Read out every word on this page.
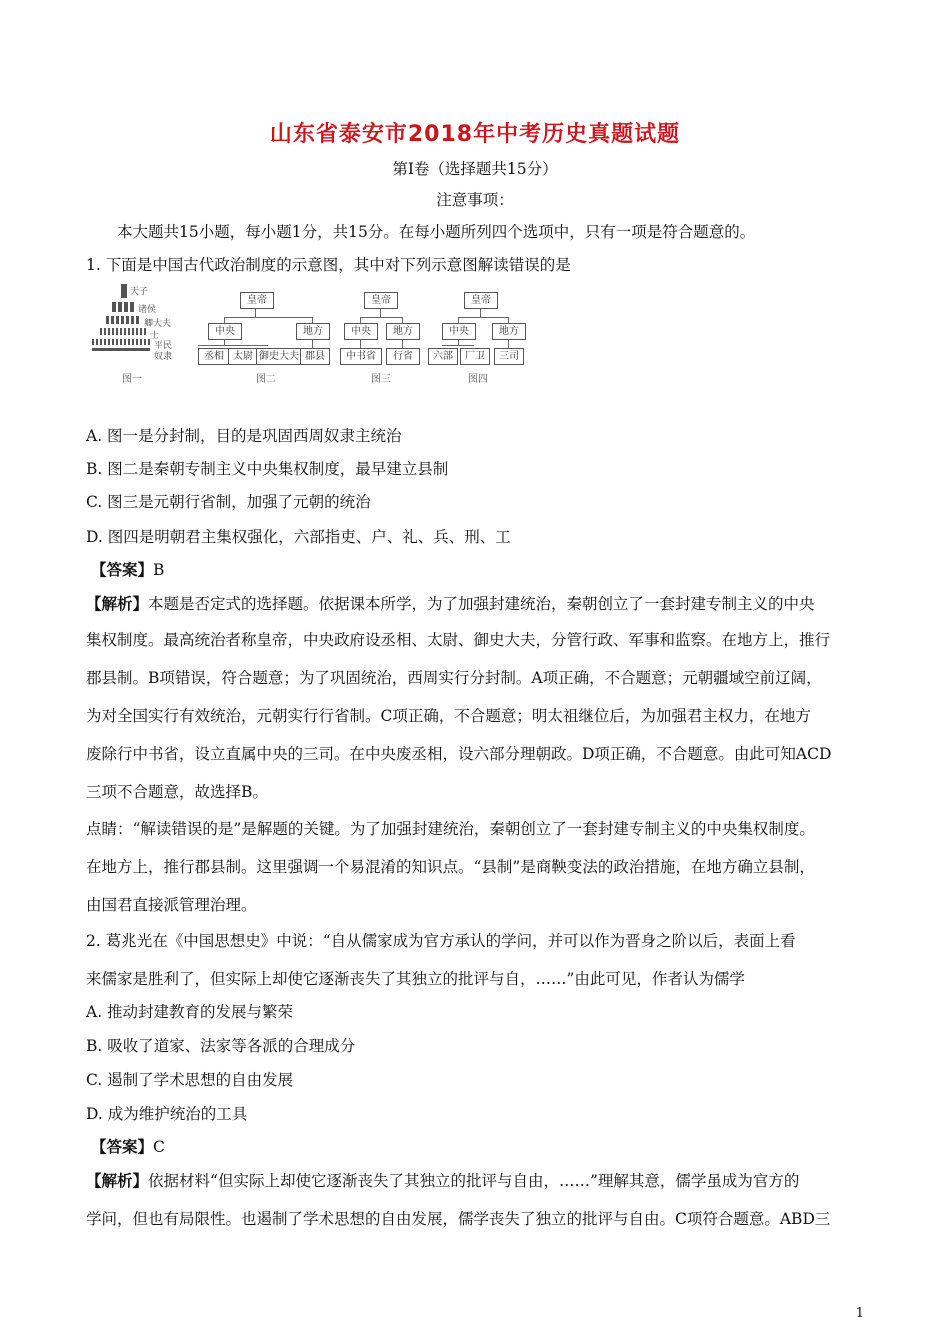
山东省泰安市2018年中考历史真题试题
第Ⅰ卷（选择题共15分）
注意事项：
本大题共15小题，每小题1分，共15分。在每小题所列四个选项中，只有一项是符合题意的。
1. 下面是中国古代政治制度的示意图，其中对下列示意图解读错误的是
天子
诸侯
卿大夫
士
平民
奴隶
图一
皇帝
中央	地方
丞相 太尉 御史大夫 郡县
图二
皇帝
中央	地方
中书省	行省
图三
皇帝
中央	地方
六部	厂卫	三司
图四
A. 图一是分封制，目的是巩固西周奴隶主统治
B. 图二是秦朝专制主义中央集权制度，最早建立县制
C. 图三是元朝行省制，加强了元朝的统治
D. 图四是明朝君主集权强化，六部指吏、户、礼、兵、刑、工
【答案】B
【解析】本题是否定式的选择题。依据课本所学，为了加强封建统治，秦朝创立了一套封建专制主义的中央
集权制度。最高统治者称皇帝，中央政府设丞相、太尉、御史大夫，分管行政、军事和监察。在地方上，推行
郡县制。B项错误，符合题意；为了巩固统治，西周实行分封制。A项正确，不合题意；元朝疆域空前辽阔，
为对全国实行有效统治，元朝实行行省制。C项正确，不合题意；明太祖继位后，为加强君主权力，在地方
废除行中书省，设立直属中央的三司。在中央废丞相，设六部分理朝政。D项正确，不合题意。由此可知ACD
三项不合题意，故选择B。
点睛：“解读错误的是”是解题的关键。为了加强封建统治，秦朝创立了一套封建专制主义的中央集权制度。
在地方上，推行郡县制。这里强调一个易混淆的知识点。“县制”是商鞅变法的政治措施，在地方确立县制，
由国君直接派管理治理。
2. 葛兆光在《中国思想史》中说：“自从儒家成为官方承认的学问，并可以作为晋身之阶以后，表面上看
来儒家是胜利了，但实际上却使它逐渐丧失了其独立的批评与自，……”由此可见，作者认为儒学
A. 推动封建教育的发展与繁荣
B. 吸收了道家、法家等各派的合理成分
C. 遏制了学术思想的自由发展
D. 成为维护统治的工具
【答案】C
【解析】依据材料“但实际上却使它逐渐丧失了其独立的批评与自由，……”理解其意，儒学虽成为官方的
学问，但也有局限性。也遏制了学术思想的自由发展，儒学丧失了独立的批评与自由。C项符合题意。ABD三
1
